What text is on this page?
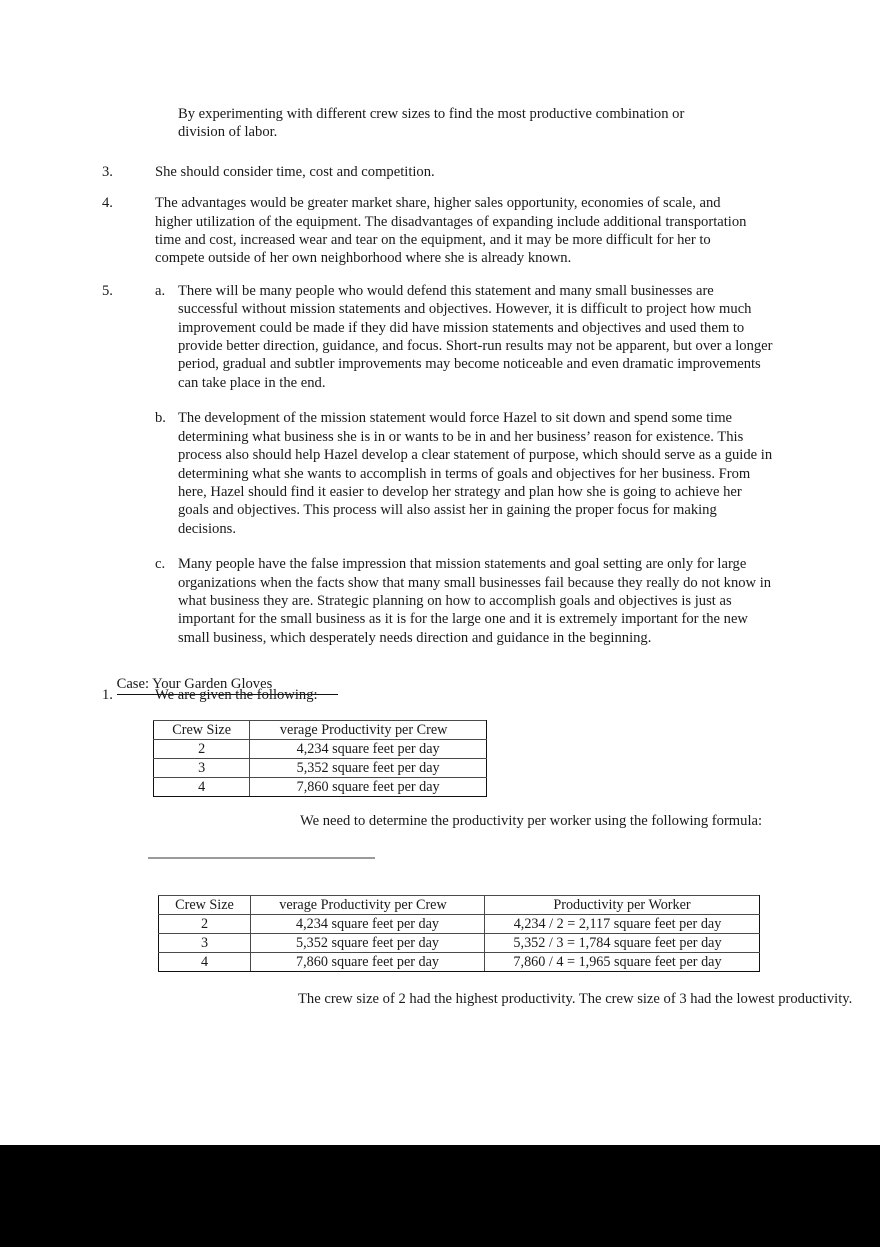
By experimenting with different crew sizes to find the most productive combination or division of labor.
3.	She should consider time, cost and competition.
4.	The advantages would be greater market share, higher sales opportunity, economies of scale, and higher utilization of the equipment. The disadvantages of expanding include additional transportation time and cost, increased wear and tear on the equipment, and it may be more difficult for her to compete outside of her own neighborhood where she is already known.
5.	a. There will be many people who would defend this statement and many small businesses are successful without mission statements and objectives. However, it is difficult to project how much improvement could be made if they did have mission statements and objectives and used them to provide better direction, guidance, and focus. Short-run results may not be apparent, but over a longer period, gradual and subtler improvements may become noticeable and even dramatic improvements can take place in the end.
b. The development of the mission statement would force Hazel to sit down and spend some time determining what business she is in or wants to be in and her business’ reason for existence. This process also should help Hazel develop a clear statement of purpose, which should serve as a guide in determining what she wants to accomplish in terms of goals and objectives for her business. From here, Hazel should find it easier to develop her strategy and plan how she is going to achieve her goals and objectives. This process will also assist her in gaining the proper focus for making decisions.
c. Many people have the false impression that mission statements and goal setting are only for large organizations when the facts show that many small businesses fail because they really do not know in what business they are. Strategic planning on how to accomplish goals and objectives is just as important for the small business as it is for the large one and it is extremely important for the new small business, which desperately needs direction and guidance in the beginning.

Case: Your Garden Gloves

1.	We are given the following:
Crew Size	verage Productivity per Crew
2	4,234 square feet per day
3	5,352 square feet per day
4	7,860 square feet per day
We need to determine the productivity per worker using the following formula:
Crew Size	verage Productivity per Crew	Productivity per Worker
2	4,234 square feet per day	4,234 / 2 = 2,117 square feet per day
3	5,352 square feet per day	5,352 / 3 = 1,784 square feet per day
4	7,860 square feet per day	7,860 / 4 = 1,965 square feet per day
The crew size of 2 had the highest productivity. The crew size of 3 had the lowest productivity.
